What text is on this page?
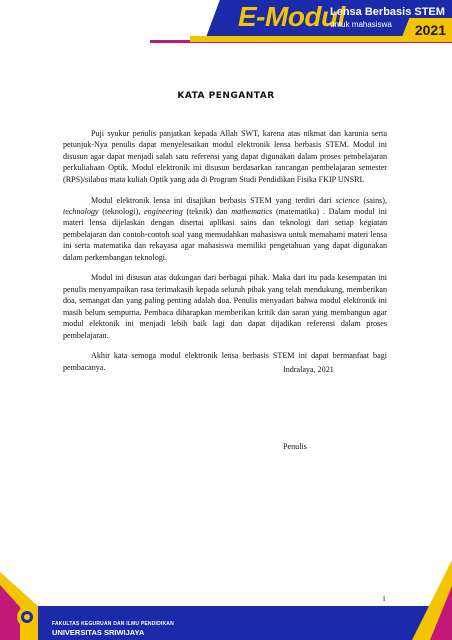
E-Modul
Lensa Berbasis STEM
untuk mahasiswa 2021
KATA PENGANTAR

Puji syukur penulis panjatkan kepada Allah SWT, karena atas nikmat dan karunia serta petunjuk-Nya penulis dapat menyelesaikan modul elektronik lensa berbasis STEM. Modul ini disusun agar dapat menjadi salah satu referensi yang dapat digunakan dalam proses pembelajaran perkuliahaan Optik. Modul elektronik ini disusun berdasarkan rancangan pembelajaran semester (RPS)/silabus mata kuliah Optik yang ada di Program Studi Pendidikan Fisika FKIP UNSRI.

Modul elektronik lensa ini disajikan berbasis STEM yang terdiri dari science (sains), technology (teknologi), engineering (teknik) dan mathematics (matematika) . Dalam modul ini materi lensa dijelaskan dengan disertai aplikasi sains dan teknologi dari setiap kegiatan pembelajaran dan contoh-contoh soal yang memudahkan mahasiswa untuk memahami materi lensa ini serta matematika dan rekayasa agar mahasiswa memiliki pengetahuan yang dapat digunakan dalam perkembangan teknologi.

Modul ini disusun atas dukungan dari berbagai pihak. Maka dari itu pada kesempatan ini penulis menyampaikan rasa terimakasih kepada seluruh pihak yang telah mendukung, memberikan doa, semangat dan yang paling penting adalah doa. Penulis menyadari bahwa modul elektronik ini masih belum sempurna. Pembaca diharapkan memberikan kritik dan saran yang membangun agar modul elektonik ini menjadi lebih baik lagi dan dapat dijadikan referensi dalam proses pembelajaran.

Akhir kata semoga modul elektronik lensa berbasis STEM ini dapat bermanfaat bagi pembacanya.	Indralaya, 2021
Penulis
i
FAKULTAS KEGURUAN DAN ILMU PENDIDIKAN
UNIVERSITAS SRIWIJAYA
